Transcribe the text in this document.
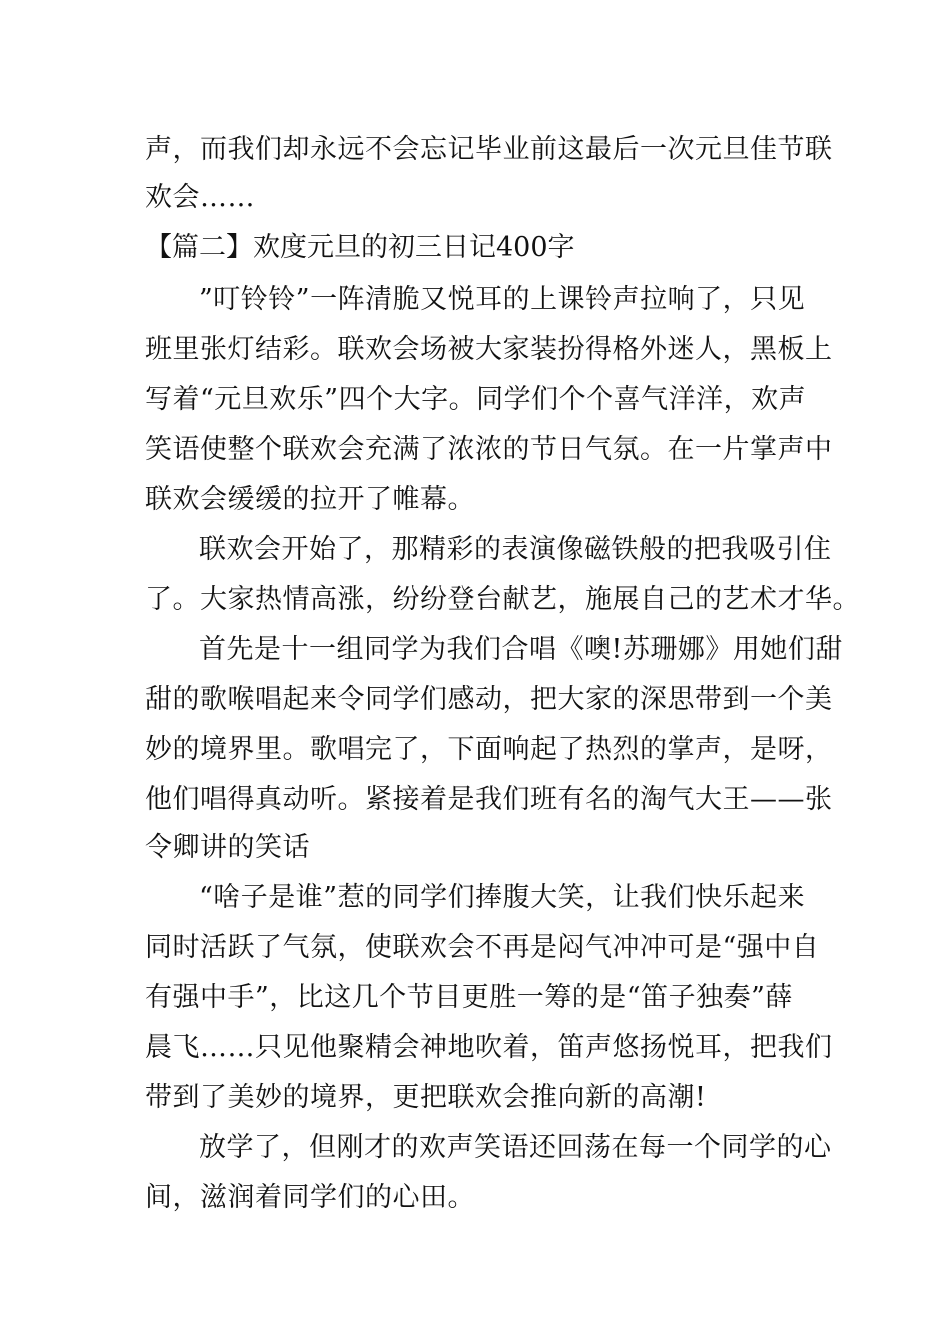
声，而我们却永远不会忘记毕业前这最后一次元旦佳节联
欢会……
【篇二】欢度元旦的初三日记400字
”叮铃铃”一阵清脆又悦耳的上课铃声拉响了，只见
班里张灯结彩。联欢会场被大家装扮得格外迷人，黑板上
写着“元旦欢乐”四个大字。同学们个个喜气洋洋，欢声
笑语使整个联欢会充满了浓浓的节日气氛。在一片掌声中
联欢会缓缓的拉开了帷幕。
联欢会开始了，那精彩的表演像磁铁般的把我吸引住
了。大家热情高涨，纷纷登台献艺，施展自己的艺术才华。
首先是十一组同学为我们合唱《噢!苏珊娜》用她们甜
甜的歌喉唱起来令同学们感动，把大家的深思带到一个美
妙的境界里。歌唱完了，下面响起了热烈的掌声，是呀，
他们唱得真动听。紧接着是我们班有名的淘气大王——张
令卿讲的笑话
“啥子是谁”惹的同学们捧腹大笑，让我们快乐起来
同时活跃了气氛，使联欢会不再是闷气冲冲可是“强中自
有强中手”，比这几个节目更胜一筹的是“笛子独奏”薛
晨飞……只见他聚精会神地吹着，笛声悠扬悦耳，把我们
带到了美妙的境界，更把联欢会推向新的高潮!
放学了，但刚才的欢声笑语还回荡在每一个同学的心
间，滋润着同学们的心田。
